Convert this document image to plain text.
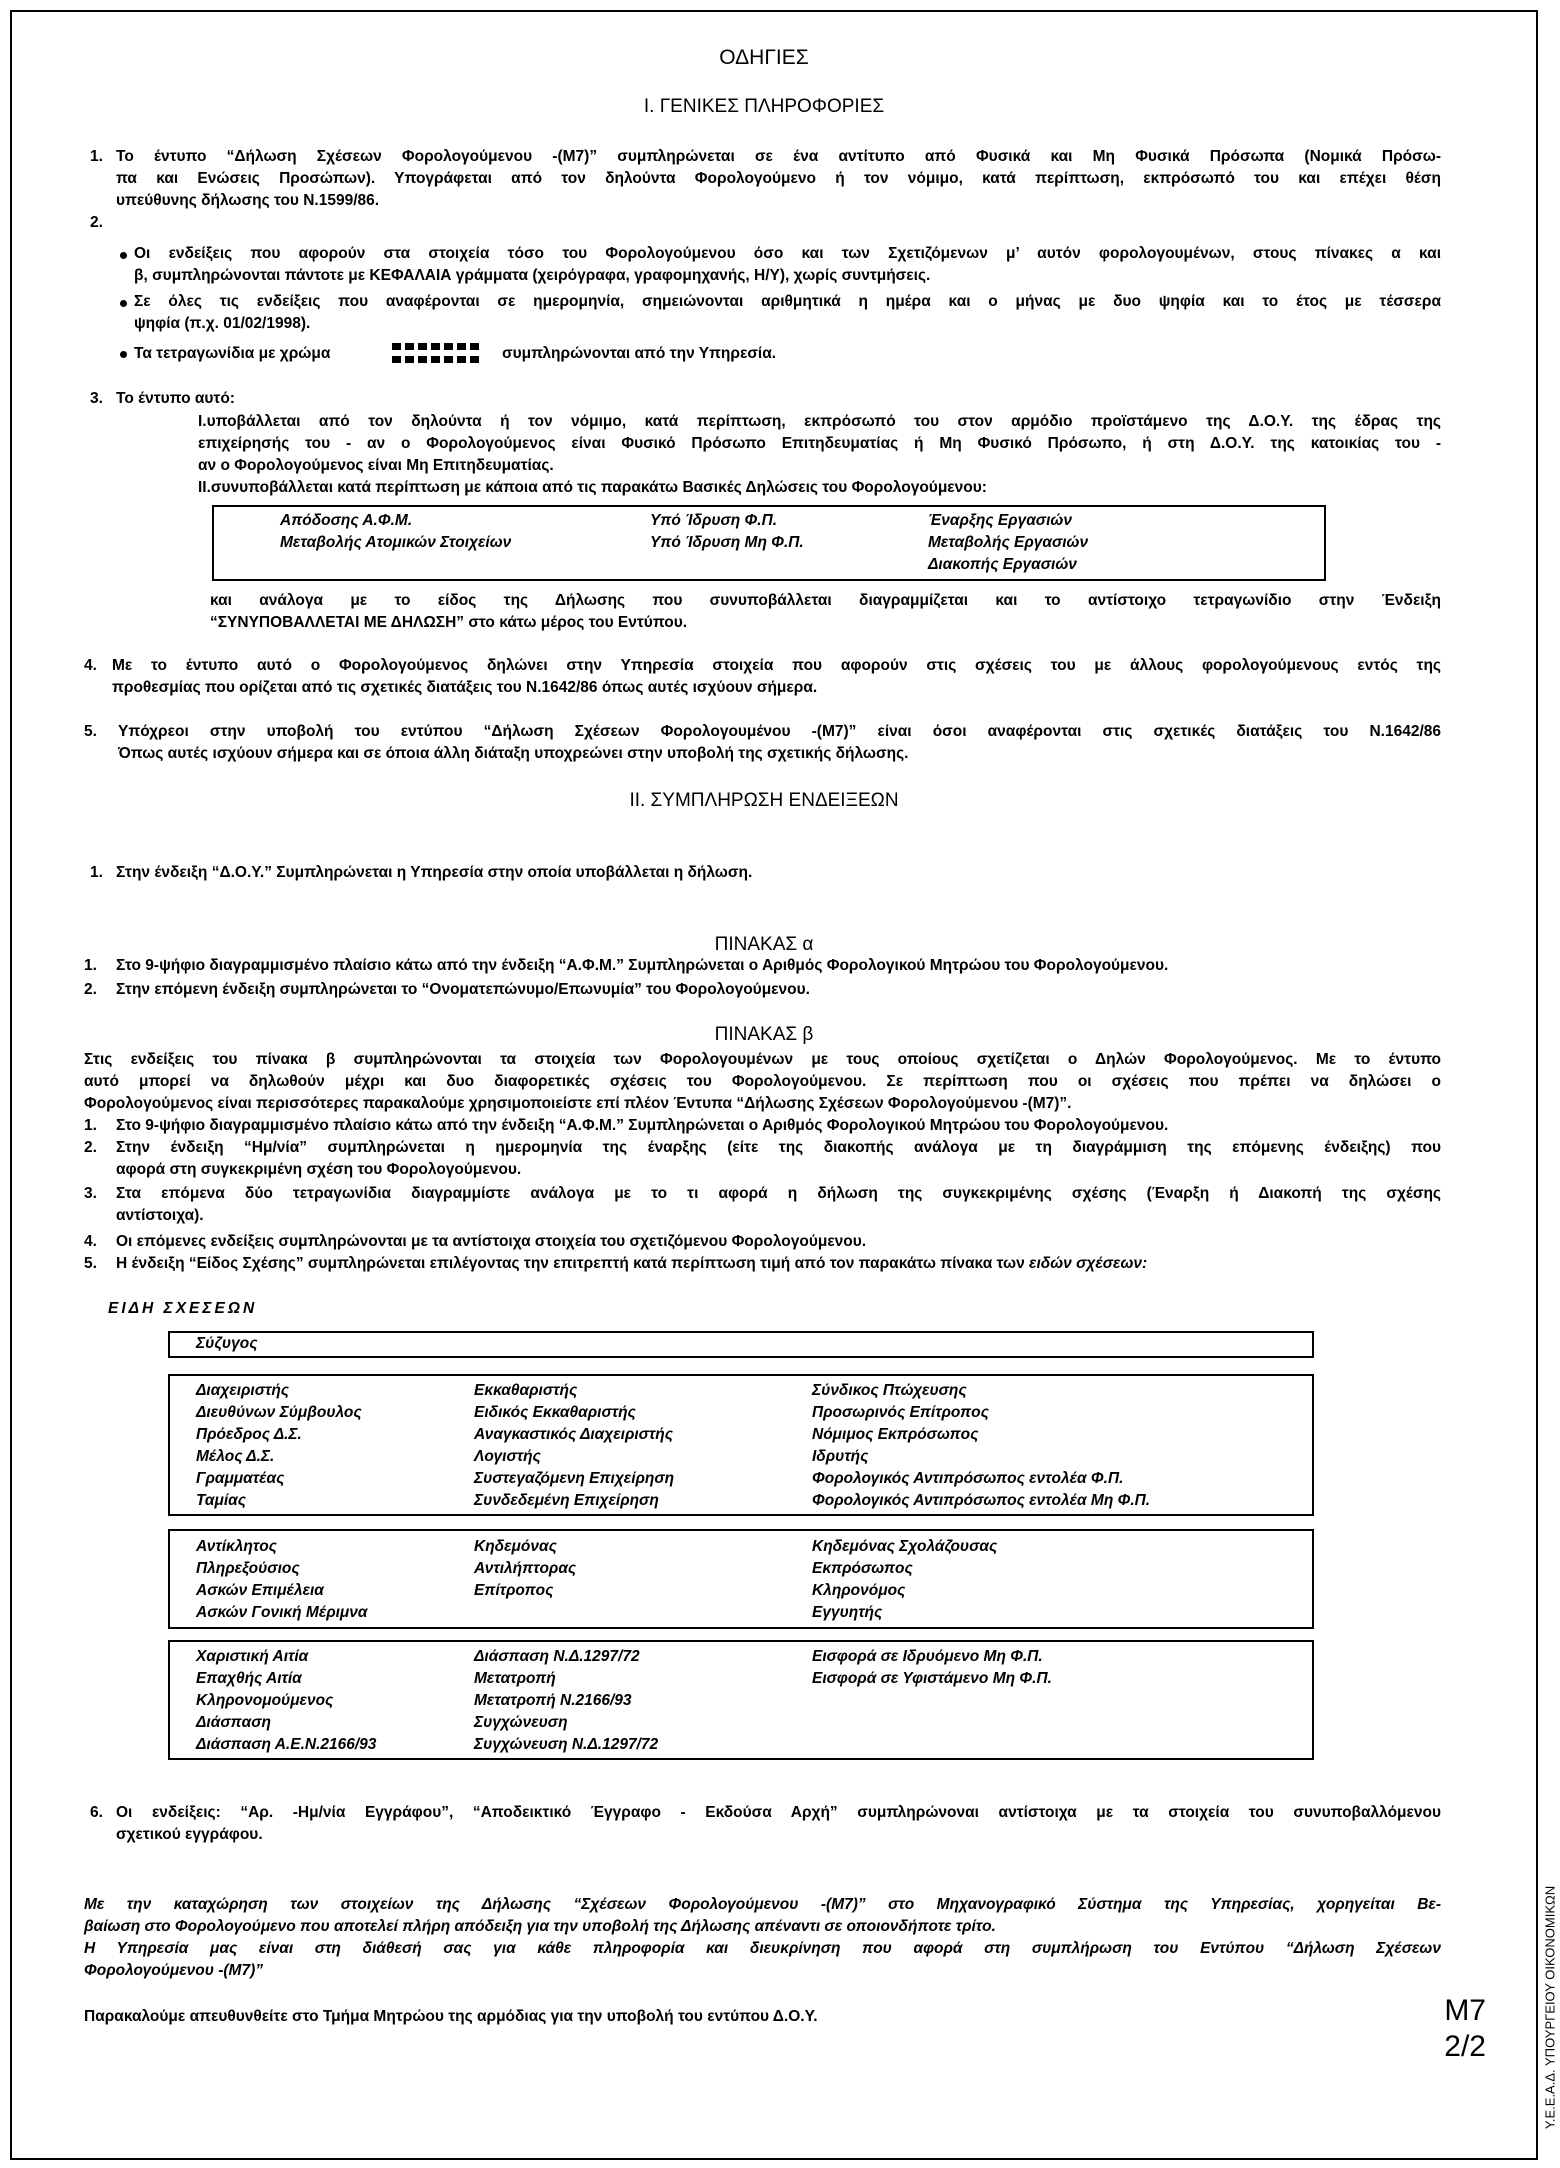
Υ.Ε.Ε.Α.Δ. ΥΠΟΥΡΓΕΙΟΥ ΟΙΚΟΝΟΜΙΚΩΝ
ΟΔΗΓΙΕΣ
Ι. ΓΕΝΙΚΕΣ ΠΛΗΡΟΦΟΡΙΕΣ
1. Το έντυπο “Δήλωση Σχέσεων Φορολογούμενου -(Μ7)” συμπληρώνεται σε ένα αντίτυπο από Φυσικά και Μη Φυσικά Πρόσωπα (Νομικά Πρόσω-
πα και Ενώσεις Προσώπων). Υπογράφεται από τον δηλούντα Φορολογούμενο ή τον νόμιμο, κατά περίπτωση, εκπρόσωπό του και επέχει θέση
υπεύθυνης δήλωσης του Ν.1599/86.
2.
Οι ενδείξεις που αφορούν στα στοιχεία τόσο του Φορολογούμενου όσο και των Σχετιζόμενων μ’ αυτόν φορολογουμένων, στους πίνακες α και
β, συμπληρώνονται πάντοτε με ΚΕΦΑΛΑΙΑ γράμματα (χειρόγραφα, γραφομηχανής, Η/Υ), χωρίς συντμήσεις.
Σε όλες τις ενδείξεις που αναφέρονται σε ημερομηνία, σημειώνονται αριθμητικά η ημέρα και ο μήνας με δυο ψηφία και το έτος με τέσσερα
ψηφία (π.χ. 01/02/1998).
Τα τετραγωνίδια με χρώμα	συμπληρώνονται από την Υπηρεσία.
3. Το έντυπο αυτό:
Ι.υποβάλλεται από τον δηλούντα ή τον νόμιμο, κατά περίπτωση, εκπρόσωπό του στον αρμόδιο προϊστάμενο της Δ.Ο.Υ. της έδρας της
επιχείρησής του - αν ο Φορολογούμενος είναι Φυσικό Πρόσωπο Επιτηδευματίας ή Μη Φυσικό Πρόσωπο, ή στη Δ.Ο.Υ. της κατοικίας του -
αν ο Φορολογούμενος είναι Μη Επιτηδευματίας.
ΙΙ.συνυποβάλλεται κατά περίπτωση με κάποια από τις παρακάτω Βασικές Δηλώσεις του Φορολογούμενου:
Απόδοσης Α.Φ.Μ.
Μεταβολής Ατομικών Στοιχείων
Υπό Ίδρυση Φ.Π.
Υπό Ίδρυση Μη Φ.Π.
Έναρξης Εργασιών
Μεταβολής Εργασιών
Διακοπής Εργασιών
και ανάλογα με το είδος της Δήλωσης που συνυποβάλλεται διαγραμμίζεται και το αντίστοιχο τετραγωνίδιο στην Ένδειξη
“ΣΥΝΥΠΟΒΑΛΛΕΤΑΙ ΜΕ ΔΗΛΩΣΗ” στο κάτω μέρος του Εντύπου.
4. Με το έντυπο αυτό ο Φορολογούμενος δηλώνει στην Υπηρεσία στοιχεία που αφορούν στις σχέσεις του με άλλους φορολογούμενους εντός της
προθεσμίας που ορίζεται από τις σχετικές διατάξεις του Ν.1642/86 όπως αυτές ισχύουν σήμερα.
5. Υπόχρεοι στην υποβολή του εντύπου “Δήλωση Σχέσεων Φορολογουμένου -(Μ7)” είναι όσοι αναφέρονται στις σχετικές διατάξεις του Ν.1642/86
Όπως αυτές ισχύουν σήμερα και σε όποια άλλη διάταξη υποχρεώνει στην υποβολή της σχετικής δήλωσης.
ΙΙ. ΣΥΜΠΛΗΡΩΣΗ ΕΝΔΕΙΞΕΩΝ
1. Στην ένδειξη “Δ.Ο.Υ.” Συμπληρώνεται η Υπηρεσία στην οποία υποβάλλεται η δήλωση.
ΠΙΝΑΚΑΣ α
1. Στο 9-ψήφιο διαγραμμισμένο πλαίσιο κάτω από την ένδειξη “Α.Φ.Μ.” Συμπληρώνεται ο Αριθμός Φορολογικού Μητρώου του Φορολογούμενου.
2. Στην επόμενη ένδειξη συμπληρώνεται το “Ονοματεπώνυμο/Επωνυμία” του Φορολογούμενου.
ΠΙΝΑΚΑΣ β
Στις ενδείξεις του πίνακα β συμπληρώνονται τα στοιχεία των Φορολογουμένων με τους οποίους σχετίζεται ο Δηλών Φορολογούμενος. Με το έντυπο
αυτό μπορεί να δηλωθούν μέχρι και δυο διαφορετικές σχέσεις του Φορολογούμενου. Σε περίπτωση που οι σχέσεις που πρέπει να δηλώσει ο
Φορολογούμενος είναι περισσότερες παρακαλούμε χρησιμοποιείστε επί πλέον Έντυπα “Δήλωσης Σχέσεων Φορολογούμενου -(Μ7)”.
1. Στο 9-ψήφιο διαγραμμισμένο πλαίσιο κάτω από την ένδειξη “Α.Φ.Μ.” Συμπληρώνεται ο Αριθμός Φορολογικού Μητρώου του Φορολογούμενου.
2. Στην ένδειξη “Ημ/νία” συμπληρώνεται η ημερομηνία της έναρξης (είτε της διακοπής ανάλογα με τη διαγράμμιση της επόμενης ένδειξης) που
αφορά στη συγκεκριμένη σχέση του Φορολογούμενου.
3. Στα επόμενα δύο τετραγωνίδια διαγραμμίστε ανάλογα με το τι αφορά η δήλωση της συγκεκριμένης σχέσης (Έναρξη ή Διακοπή της σχέσης
αντίστοιχα).
4. Οι επόμενες ενδείξεις συμπληρώνονται με τα αντίστοιχα στοιχεία του σχετιζόμενου Φορολογούμενου.
5. Η ένδειξη “Είδος Σχέσης” συμπληρώνεται επιλέγοντας την επιτρεπτή κατά περίπτωση τιμή από τον παρακάτω πίνακα των ειδών σχέσεων:
ΕΙΔΗ ΣΧΕΣΕΩΝ
Σύζυγος
Διαχειριστής
Διευθύνων Σύμβουλος
Πρόεδρος Δ.Σ.
Μέλος Δ.Σ.
Γραμματέας
Ταμίας
Εκκαθαριστής
Ειδικός Εκκαθαριστής
Αναγκαστικός Διαχειριστής
Λογιστής
Συστεγαζόμενη Επιχείρηση
Συνδεδεμένη Επιχείρηση
Σύνδικος Πτώχευσης
Προσωρινός Επίτροπος
Νόμιμος Εκπρόσωπος
Ιδρυτής
Φορολογικός Αντιπρόσωπος εντολέα Φ.Π.
Φορολογικός Αντιπρόσωπος εντολέα Μη Φ.Π.
Αντίκλητος
Πληρεξούσιος
Ασκών Επιμέλεια
Ασκών Γονική Μέριμνα
Κηδεμόνας
Αντιλήπτορας
Επίτροπος
Κηδεμόνας Σχολάζουσας
Εκπρόσωπος
Κληρονόμος
Εγγυητής
Χαριστική Αιτία
Επαχθής Αιτία
Κληρονομούμενος
Διάσπαση
Διάσπαση Α.Ε.Ν.2166/93
Διάσπαση Ν.Δ.1297/72
Μετατροπή
Μετατροπή Ν.2166/93
Συγχώνευση
Συγχώνευση Ν.Δ.1297/72
Εισφορά σε Ιδρυόμενο Μη Φ.Π.
Εισφορά σε Υφιστάμενο Μη Φ.Π.
6. Οι ενδείξεις: “Αρ. -Ημ/νία Εγγράφου”, “Αποδεικτικό Έγγραφο - Εκδούσα Αρχή” συμπληρώνοναι αντίστοιχα με τα στοιχεία του συνυποβαλλόμενου
σχετικού εγγράφου.
Με την καταχώρηση των στοιχείων της Δήλωσης “Σχέσεων Φορολογούμενου -(Μ7)” στο Μηχανογραφικό Σύστημα της Υπηρεσίας, χορηγείται Βε-
βαίωση στο Φορολογούμενο που αποτελεί πλήρη απόδειξη για την υποβολή της Δήλωσης απέναντι σε οποιονδήποτε τρίτο.
Η Υπηρεσία μας είναι στη διάθεσή σας για κάθε πληροφορία και διευκρίνηση που αφορά στη συμπλήρωση του Εντύπου “Δήλωση Σχέσεων
Φορολογούμενου -(Μ7)”
Παρακαλούμε απευθυνθείτε στο Τμήμα Μητρώου της αρμόδιας για την υποβολή του εντύπου Δ.Ο.Υ.	Μ7
2/2
